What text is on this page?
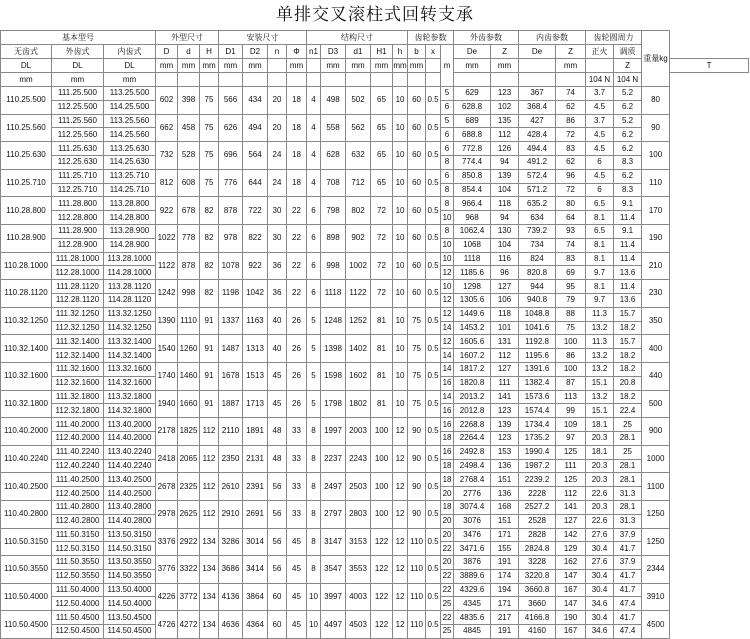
单排交叉滚柱式回转支承
基本型号			外型尺寸			安装尺寸				结构尺寸					齿轮参数			外齿参数		内齿参数		齿轮圆周力		重量kg	
无齿式	外齿式	内齿式	D	d	H	D1	D2	n	Φ	n1	D3	d1	H1	h	b	x	m	De	Z	De	Z	正火	调质		
DL	DL	DL	mm	mm	mm	mm	mm		mm		mm	mm	mm	mm	mm			mm	mm		mm		Z		T
mm	mm	mm																				104 N	104 N		
110.25.500	111.25.500	113.25.500	602	398	75	566	434	20	18	4	498	502	65	10	60	0.5	5	629	123	367	74	3.7	5.2	80	
	112.25.500	114.25.500															6	628.8	102	368.4	62	4.5	6.2		
110.25.560	111.25.560	113.25.560	662	458	75	626	494	20	18	4	558	562	65	10	60	0.5	5	689	135	427	86	3.7	5.2	90	
	112.25.560	114.25.560															6	688.8	112	428.4	72	4.5	6.2		
110.25.630	111.25.630	113.25.630	732	528	75	696	564	24	18	4	628	632	65	10	60	0.5	6	772.8	126	494.4	83	4.5	6.2	100	
	112.25.630	114.25.630															8	774.4	94	491.2	62	6	8.3		
110.25.710	111.25.710	113.25.710	812	608	75	776	644	24	18	4	708	712	65	10	60	0.5	6	850.8	139	572.4	96	4.5	6.2	110	
	112.25.710	114.25.710															8	854.4	104	571.2	72	6	8.3		
110.28.800	111.28.800	113.28.800	922	678	82	878	722	30	22	6	798	802	72	10	60	0.5	8	966.4	118	635.2	80	6.5	9.1	170	
	112.28.800	114.28.800															10	968	94	634	64	8.1	11.4		
110.28.900	111.28.900	113.28.900	1022	778	82	978	822	30	22	6	898	902	72	10	60	0.5	8	1062.4	130	739.2	93	6.5	9.1	190	
	112.28.900	114.28.900															10	1068	104	734	74	8.1	11.4		
110.28.1000	111.28.1000	113.28.1000	1122	878	82	1078	922	36	22	6	998	1002	72	10	60	0.5	10	1118	116	824	83	8.1	11.4	210	
	112.28.1000	114.28.1000															12	1185.6	96	820.8	69	9.7	13.6		
110.28.1120	111.28.1120	113.28.1120	1242	998	82	1198	1042	36	22	6	1118	1122	72	10	60	0.5	10	1298	127	944	95	8.1	11.4	230	
	112.28.1120	114.28.1120															12	1305.6	106	940.8	79	9.7	13.6		
110.32.1250	111.32.1250	113.32.1250	1390	1110	91	1337	1163	40	26	5	1248	1252	81	10	75	0.5	12	1449.6	118	1048.8	88	11.3	15.7	350	
	112.32.1250	114.32.1250															14	1453.2	101	1041.6	75	13.2	18.2		
110.32.1400	111.32.1400	113.32.1400	1540	1260	91	1487	1313	40	26	5	1398	1402	81	10	75	0.5	12	1605.6	131	1192.8	100	11.3	15.7	400	
	112.32.1400	114.32.1400															14	1607.2	112	1195.6	86	13.2	18.2		
110.32.1600	111.32.1600	113.32.1600	1740	1460	91	1678	1513	45	26	5	1598	1602	81	10	75	0.5	14	1817.2	127	1391.6	100	13.2	18.2	440	
	112.32.1600	114.32.1600															16	1820.8	111	1382.4	87	15.1	20.8		
110.32.1800	111.32.1800	113.32.1800	1940	1660	91	1887	1713	45	26	5	1798	1802	81	10	75	0.5	14	2013.2	141	1573.6	113	13.2	18.2	500	
	112.32.1800	114.32.1800															16	2012.8	123	1574.4	99	15.1	22.4		
110.40.2000	111.40.2000	113.40.2000	2178	1825	112	2110	1891	48	33	8	1997	2003	100	12	90	0.5	16	2268.8	139	1734.4	109	18.1	25	900	
	112.40.2000	114.40.2000															18	2264.4	123	1735.2	97	20.3	28.1		
110.40.2240	111.40.2240	113.40.2240	2418	2065	112	2350	2131	48	33	8	2237	2243	100	12	90	0.5	16	2492.8	153	1990.4	125	18.1	25	1000	
	112.40.2240	114.40.2240															18	2498.4	136	1987.2	111	20.3	28.1		
110.40.2500	111.40.2500	113.40.2500	2678	2325	112	2610	2391	56	33	8	2497	2503	100	12	90	0.5	18	2768.4	151	2239.2	125	20.3	28.1	1100	
	112.40.2500	114.40.2500															20	2776	136	2228	112	22.6	31.3		
110.40.2800	111.40.2800	113.40.2800	2978	2625	112	2910	2691	56	33	8	2797	2803	100	12	90	0.5	18	3074.4	168	2527.2	141	20.3	28.1	1250	
	112.40.2800	114.40.2800															20	3076	151	2528	127	22.6	31.3		
110.50.3150	111.50.3150	113.50.3150	3376	2922	134	3286	3014	56	45	8	3147	3153	122	12	110	0.5	20	3476	171	2828	142	27.6	37.9	1250	
	112.50.3150	114.50.3150															22	3471.6	155	2824.8	129	30.4	41.7		
110.50.3550	111.50.3550	113.50.3550	3776	3322	134	3686	3414	56	45	8	3547	3553	122	12	110	0.5	20	3876	191	3228	162	27.6	37.9	2344	
	112.50.3550	114.50.3550															22	3889.6	174	3220.8	147	30.4	41.7		
110.50.4000	111.50.4000	113.50.4000	4226	3772	134	4136	3864	60	45	10	3997	4003	122	12	110	0.5	22	4329.6	194	3660.8	167	30.4	41.7	3910	
	112.50.4000	114.50.4000															25	4345	171	3660	147	34.6	47.4		
110.50.4500	111.50.4500	113.50.4500	4726	4272	134	4636	4364	60	45	10	4497	4503	122	12	110	0.5	22	4835.6	217	4166.8	190	30.4	41.7	4500	
	112.50.4500	114.50.4500															25	4845	191	4160	167	34.6	47.4		
